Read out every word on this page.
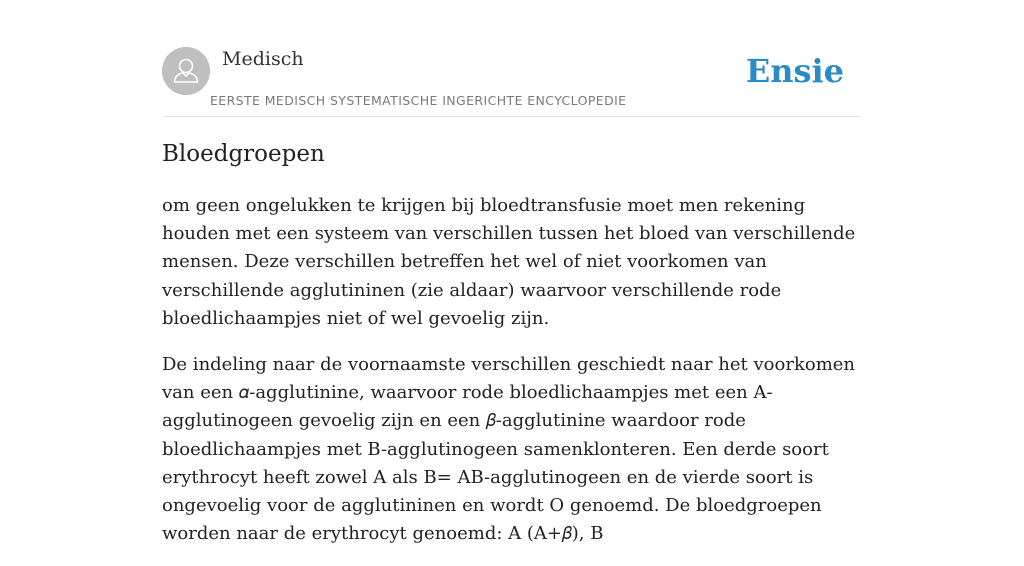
Medisch
EERSTE MEDISCH SYSTEMATISCHE INGERICHTE ENCYCLOPEDIE
Ensie
Bloedgroepen

om geen ongelukken te krijgen bij bloedtransfusie moet men rekening houden met een systeem van verschillen tussen het bloed van verschillende mensen. Deze verschillen betreffen het wel of niet voorkomen van verschillende agglutininen (zie aldaar) waarvoor verschillende rode bloedlichaampjes niet of wel gevoelig zijn.

De indeling naar de voornaamste verschillen geschiedt naar het voorkomen van een 𝛼-agglutinine, waarvoor rode bloedlichaampjes met een A-agglutinogeen gevoelig zijn en een 𝛽-agglutinine waardoor rode bloedlichaampjes met B-agglutinogeen samenklonteren. Een derde soort erythrocyt heeft zowel A als B= AB-agglutinogeen en de vierde soort is ongevoelig voor de agglutininen en wordt O genoemd. De bloedgroepen worden naar de erythrocyt genoemd: A (A+𝛽), B
